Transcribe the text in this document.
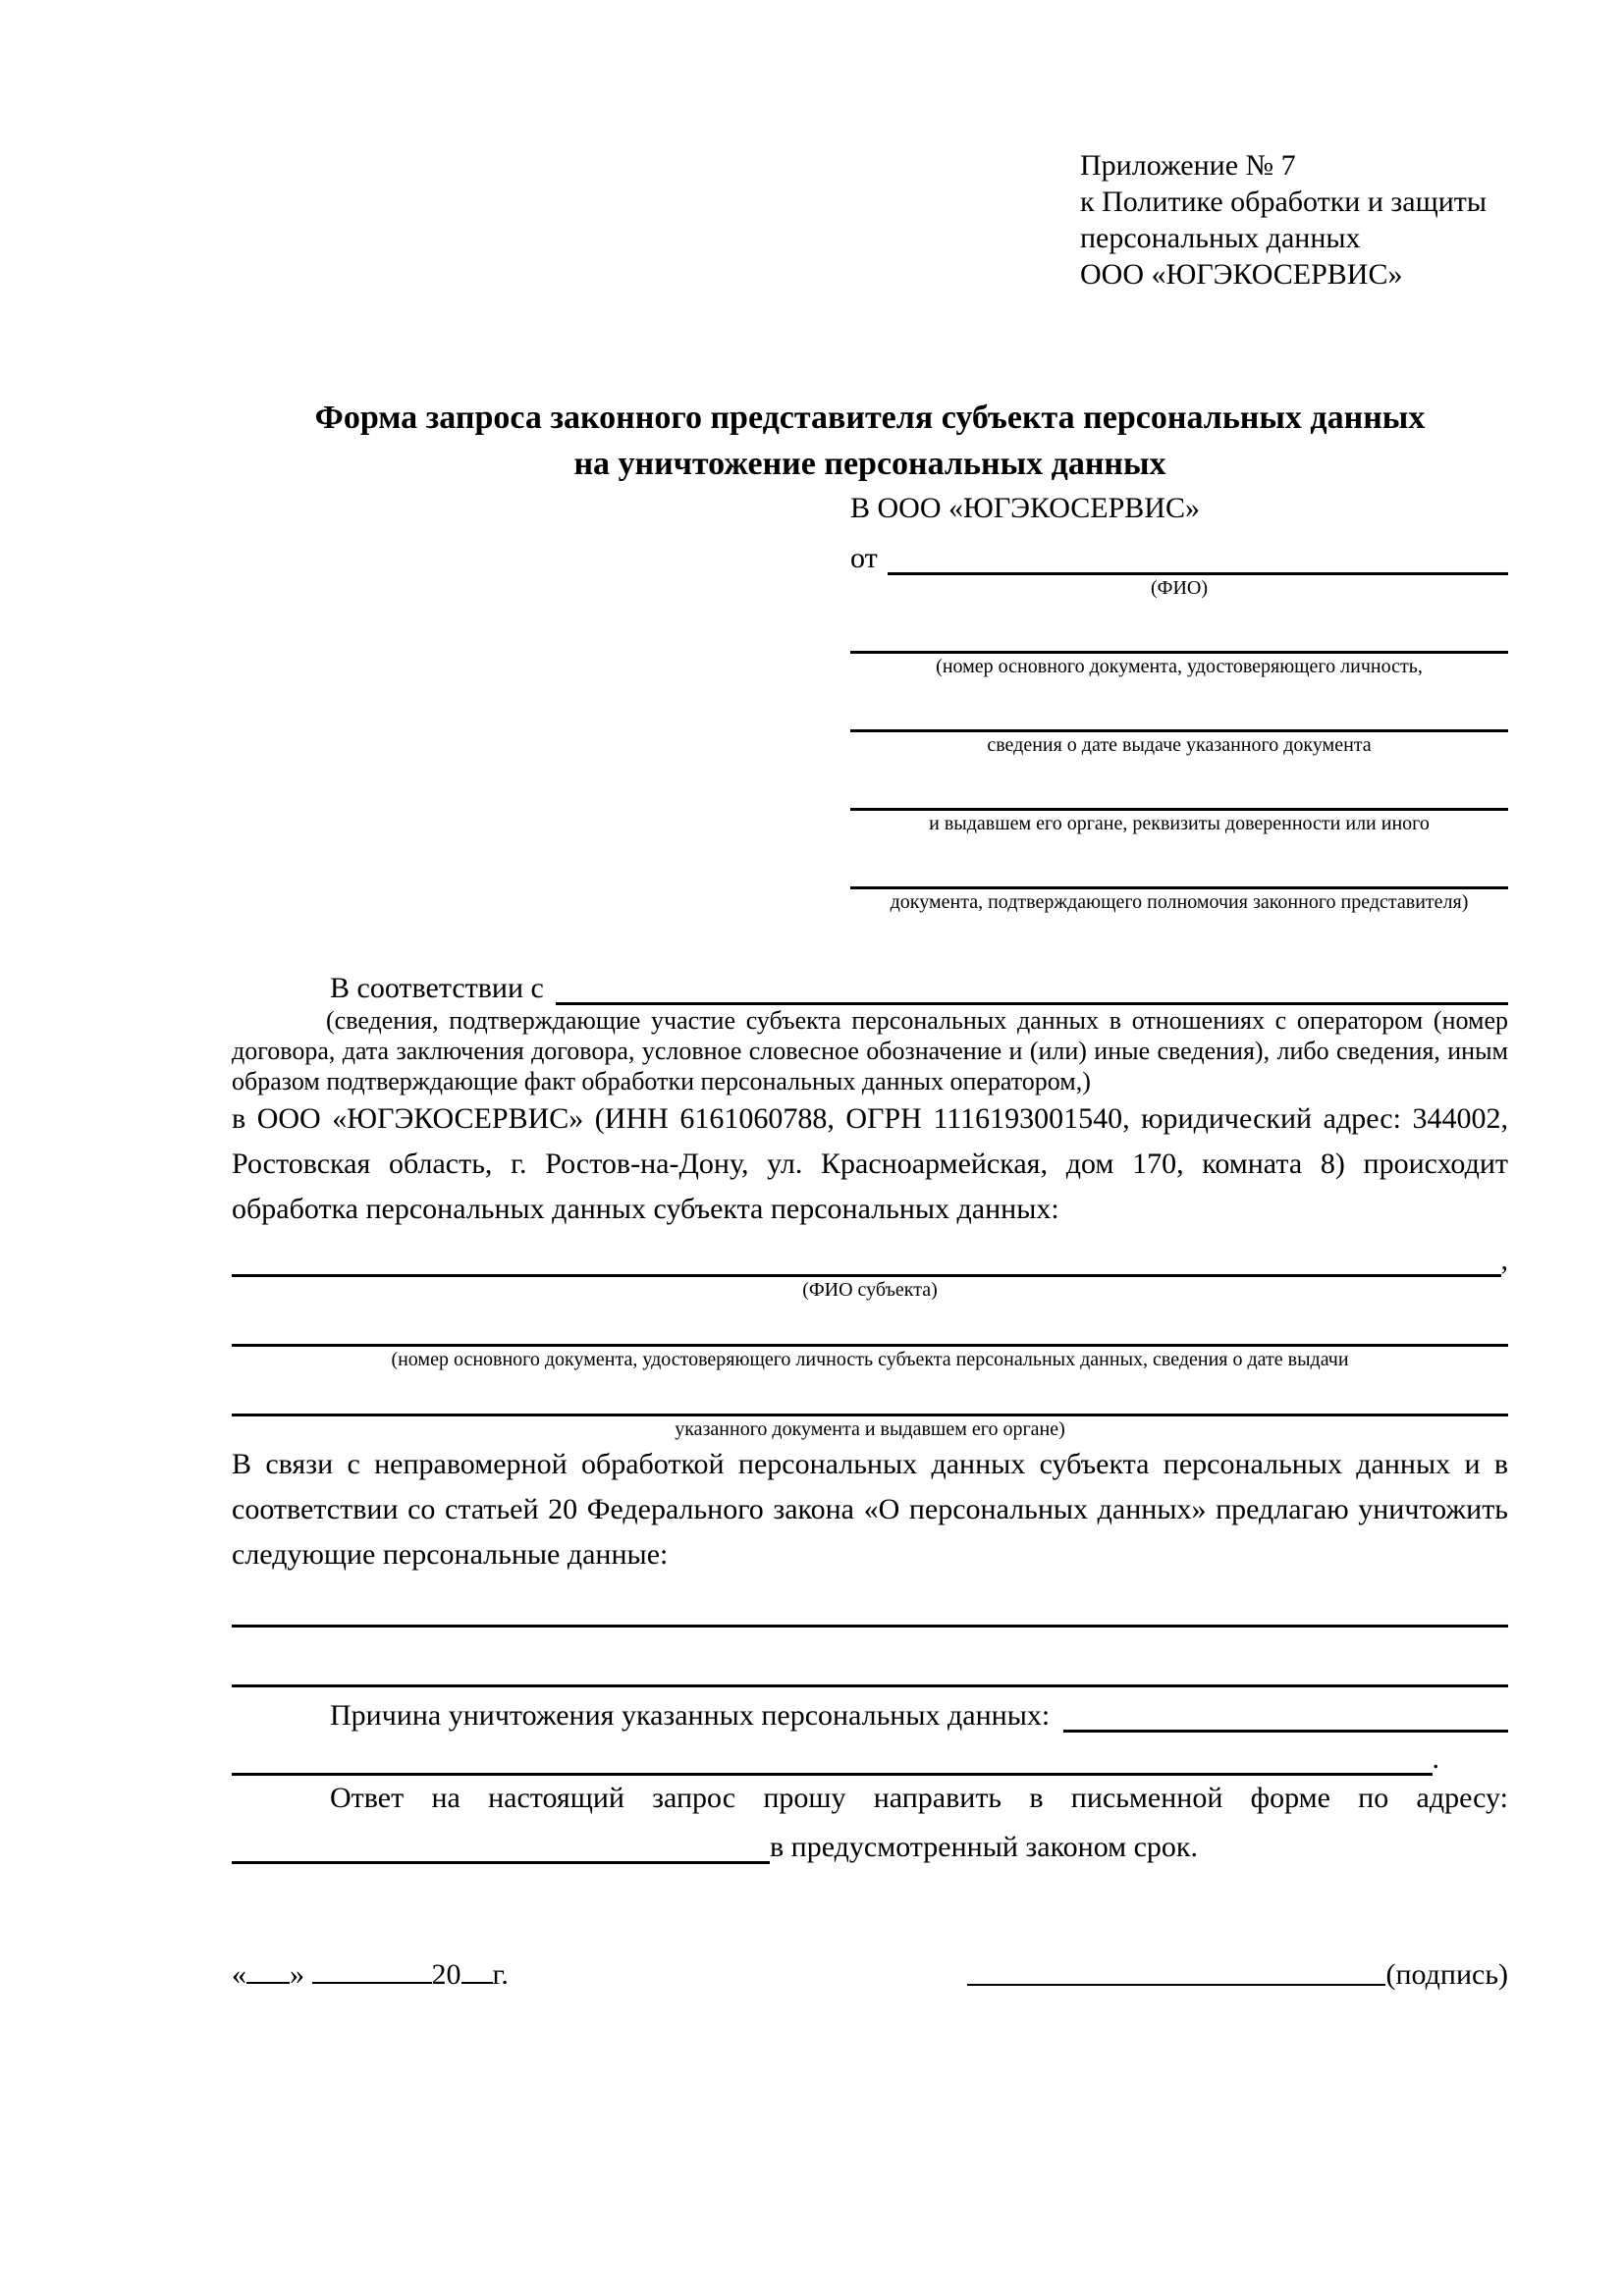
Приложение № 7
к Политике обработки и защиты
персональных данных
ООО «ЮГЭКОСЕРВИС»
Форма запроса законного представителя субъекта персональных данных
на уничтожение персональных данных
В ООО «ЮГЭКОСЕРВИС»
от
(ФИО)
(номер основного документа, удостоверяющего личность,
сведения о дате выдаче указанного документа
и выдавшем его органе, реквизиты доверенности или иного
документа, подтверждающего полномочия законного представителя)
В соответствии с
(сведения, подтверждающие участие субъекта персональных данных в отношениях с оператором (номер договора, дата заключения договора, условное словесное обозначение и (или) иные сведения), либо сведения, иным образом подтверждающие факт обработки персональных данных оператором,)
в ООО «ЮГЭКОСЕРВИС» (ИНН 6161060788, ОГРН 1116193001540, юридический адрес: 344002, Ростовская область, г. Ростов-на-Дону, ул. Красноармейская, дом 170, комната 8) происходит обработка персональных данных субъекта персональных данных:
,
(ФИО субъекта)
(номер основного документа, удостоверяющего личность субъекта персональных данных, сведения о дате выдачи
указанного документа и выдавшем его органе)
В связи с неправомерной обработкой персональных данных субъекта персональных данных и в соответствии со статьей 20 Федерального закона «О персональных данных» предлагаю уничтожить следующие персональные данные:
Причина уничтожения указанных персональных данных:
.
Ответ на настоящий запрос прошу направить в письменной форме по адресу:
в предусмотренный законом срок.
« »	20 г.	(подпись)
